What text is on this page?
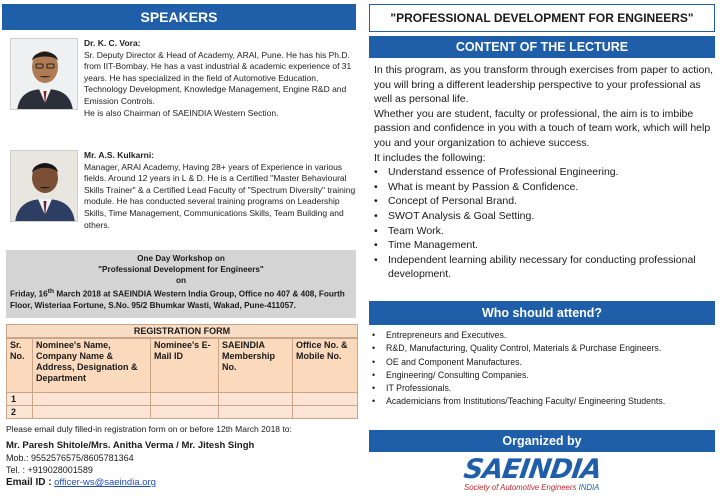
SPEAKERS
Dr. K. C. Vora:
Sr. Deputy Director & Head of Academy, ARAI, Pune. He has his Ph.D. from IIT-Bombay. He has a vast industrial & academic experience of 31 years. He has specialized in the field of Automotive Education, Technology Development, Knowledge Management, Engine R&D and Emission Controls.
He is also Chairman of SAEINDIA Western Section.
Mr. A.S. Kulkarni:
Manager, ARAI Academy, Having 28+ years of Experience in various fields. Around 12 years in L & D. He is a Certified "Master Behavioural Skills Trainer" & a Certified Lead Faculty of "Spectrum Diversity" training module. He has conducted several training programs on Leadership Skills, Time Management, Communications Skills, Team Building and others.
One Day Workshop on
"Professional Development for Engineers"
on
Friday, 16th March 2018 at SAEINDIA Western India Group, Office no 407 & 408, Fourth Floor, Wisteriaa Fortune, S.No. 95/2 Bhumkar Wasti, Wakad, Pune-411057.
REGISTRATION FORM
Sr. No.	Nominee's Name, Company Name & Address, Designation & Department	Nominee's E-Mail ID	SAEINDIA Membership No.	Office No. & Mobile No.
1				
2				
Please email duly filled-in registration form on or before 12th March 2018 to:
Mr. Paresh Shitole/Mrs. Anitha Verma / Mr. Jitesh Singh
Mob.: 9552576575/8605781364
Tel. : +919028001589
Email ID : officer-ws@saeindia.org
"PROFESSIONAL DEVELOPMENT FOR ENGINEERS"
CONTENT OF THE LECTURE

In this program, as you transform through exercises from paper to action, you will bring a different leadership perspective to your professional as well as personal life.

Whether you are student, faculty or professional, the aim is to imbibe passion and confidence in you with a touch of team work, which will help you and your organization to achieve success.

It includes the following:

• Understand essence of Professional Engineering.
• What is meant by Passion & Confidence.
• Concept of Personal Brand.
• SWOT Analysis & Goal Setting.
• Team Work.
• Time Management.
• Independent learning ability necessary for conducting professional development.
Who should attend?
• Entrepreneurs and Executives.
• R&D, Manufacturing, Quality Control, Materials & Purchase Engineers.
• OE and Component Manufactures.
• Engineering/ Consulting Companies.
• IT Professionals.
• Academicians from Institutions/Teaching Faculty/ Engineering Students.
Organized by
SAEINDIA
Society of Automotive Engineers INDIA
